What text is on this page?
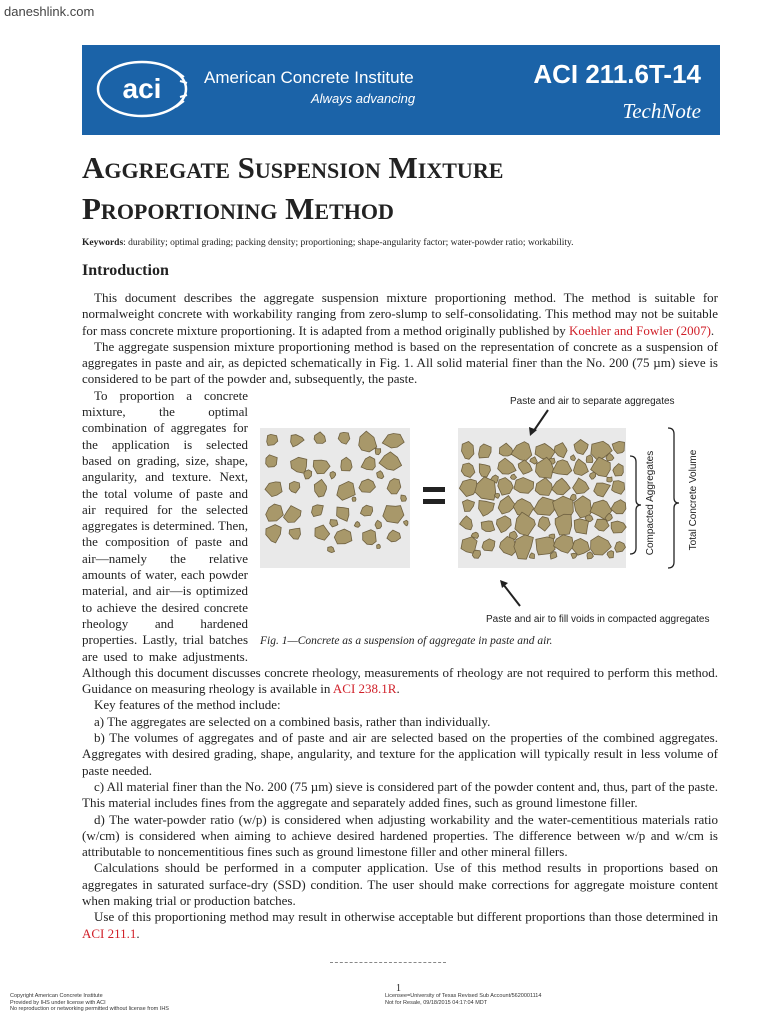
daneshlink.com
aci	American Concrete Institute
Always advancing
ACI 211.6T-14
TechNote
Aggregate Suspension Mixture
Proportioning Method
Keywords: durability; optimal grading; packing density; proportioning; shape-angularity factor; water-powder ratio; workability.
Introduction

This document describes the aggregate suspension mixture proportioning method. The method is suitable for normalweight concrete with workability ranging from zero-slump to self-consolidating. This method may not be suitable for mass concrete mixture proportioning. It is adapted from a method originally published by Koehler and Fowler (2007).

The aggregate suspension mixture proportioning method is based on the representation of concrete as a suspension of aggregates in paste and air, as depicted schematically in Fig. 1. All solid material finer than the No. 200 (75 µm) sieve is considered to be part of the powder and, subsequently, the paste.

Compacted Aggregates	Total Concrete Volume
Paste and air to separate aggregates
Paste and air to fill voids in compacted aggregates
Fig. 1—Concrete as a suspension of aggregate in paste and air.

To proportion a concrete mixture, the optimal combination of aggregates for the application is selected based on grading, size, shape, angularity, and texture. Next, the total volume of paste and air required for the selected aggregates is determined. Then, the composition of paste and air—namely the relative amounts of water, each powder material, and air—is optimized to achieve the desired concrete rheology and hardened properties. Lastly, trial batches are used to make adjustments. Although this document discusses concrete rheology, measurements of rheology are not required to perform this method. Guidance on measuring rheology is available in ACI 238.1R.

Key features of the method include:

a) The aggregates are selected on a combined basis, rather than individually.

b) The volumes of aggregates and of paste and air are selected based on the properties of the combined aggregates. Aggregates with desired grading, shape, angularity, and texture for the application will typically result in less volume of paste needed.

c) All material finer than the No. 200 (75 µm) sieve is considered part of the powder content and, thus, part of the paste. This material includes fines from the aggregate and separately added fines, such as ground limestone filler.

d) The water-powder ratio (w/p) is considered when adjusting workability and the water-cementitious materials ratio (w/cm) is considered when aiming to achieve desired hardened properties. The difference between w/p and w/cm is attributable to noncementitious fines such as ground limestone filler and other mineral fillers.

Calculations should be performed in a computer application. Use of this method results in proportions based on aggregates in saturated surface-dry (SSD) condition. The user should make corrections for aggregate moisture content when making trial or production batches.

Use of this proportioning method may result in otherwise acceptable but different proportions than those determined in ACI 211.1.

1
Copyright American Concrete Institute
Provided by IHS under license with ACI
No reproduction or networking permitted without license from IHS
Licensee=University of Texas Revised Sub Account/5620001114
Not for Resale, 09/18/2015 04:17:04 MDT
